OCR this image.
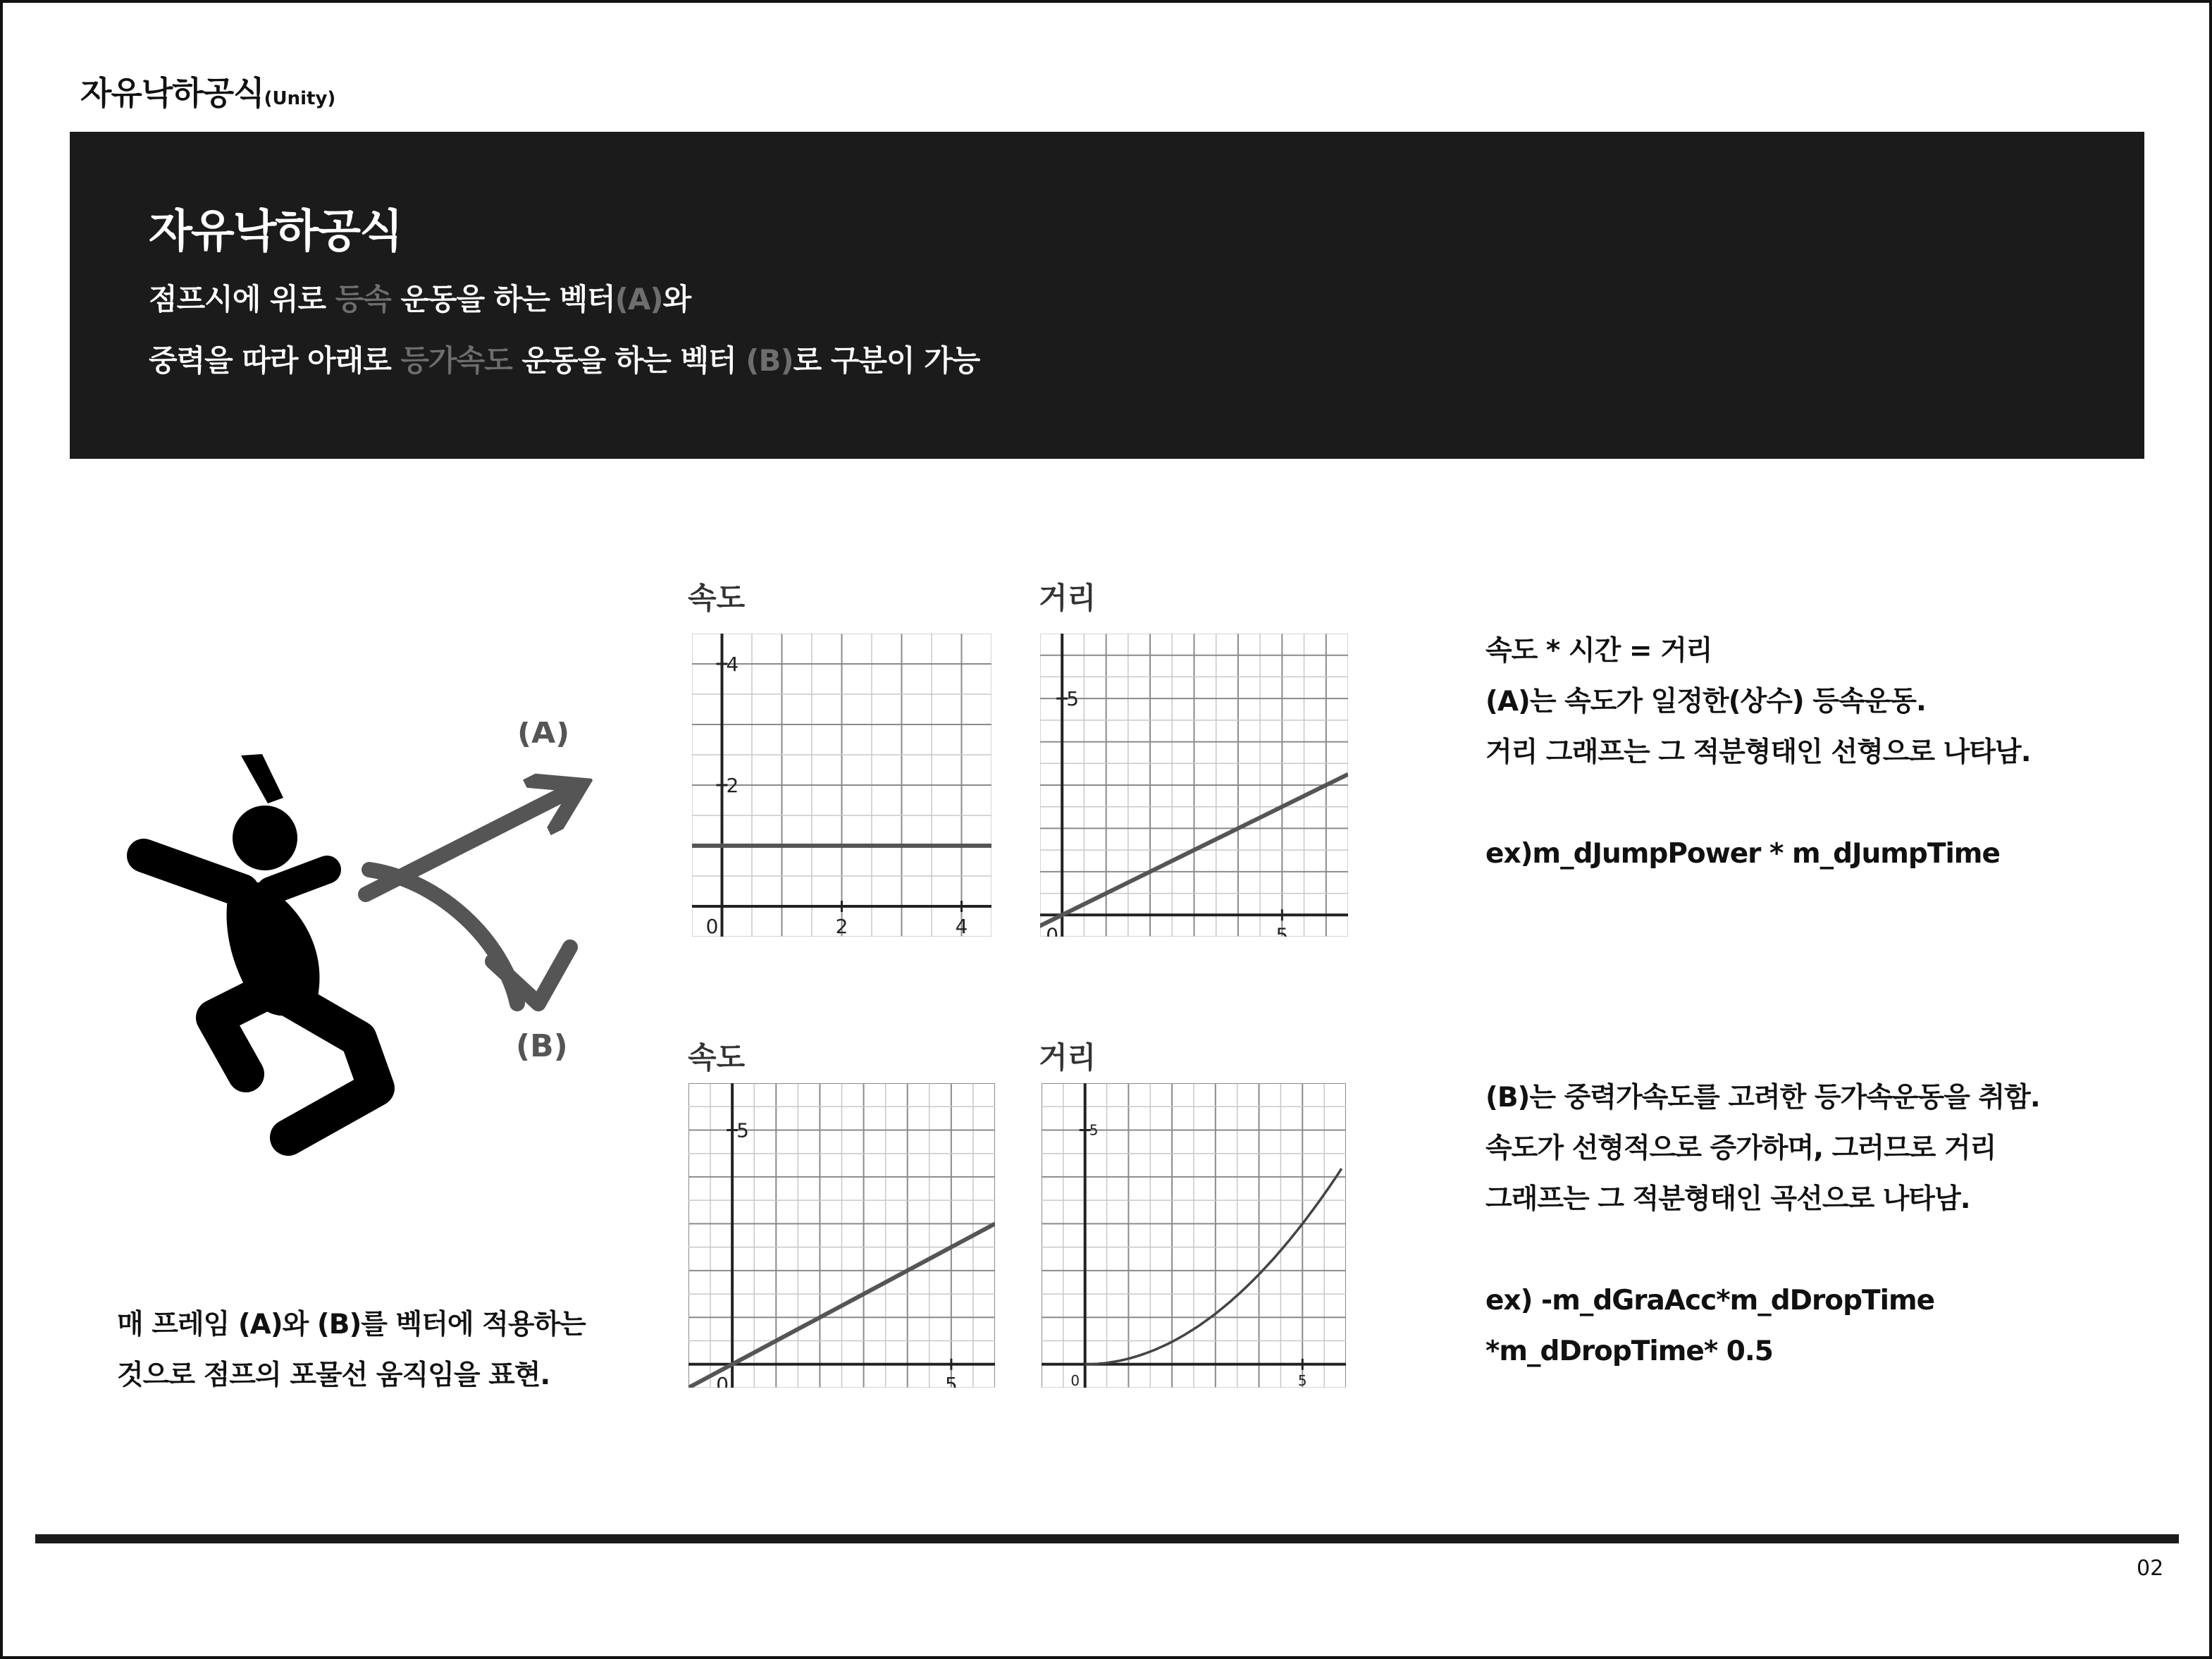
자유낙하공식(Unity)
자유낙하공식
점프시에 위로 등속 운동을 하는 벡터(A)와
중력을 따라 아래로 등가속도 운동을 하는 벡터 (B)로 구분이 가능
(A)
(B)
매 프레임 (A)와 (B)를 벡터에 적용하는
것으로 점프의 포물선 움직임을 표현.
속도	거리
속도	거리
0	2	4
2
4
0	5
5
0	5
5
0	5
5
속도 * 시간 = 거리
(A)는 속도가 일정한(상수) 등속운동.
거리 그래프는 그 적분형태인 선형으로 나타남.
ex)m_dJumpPower * m_dJumpTime
(B)는 중력가속도를 고려한 등가속운동을 취함.
속도가 선형적으로 증가하며, 그러므로 거리
그래프는 그 적분형태인 곡선으로 나타남.
ex) -m_dGraAcc*m_dDropTime
*m_dDropTime* 0.5
02
